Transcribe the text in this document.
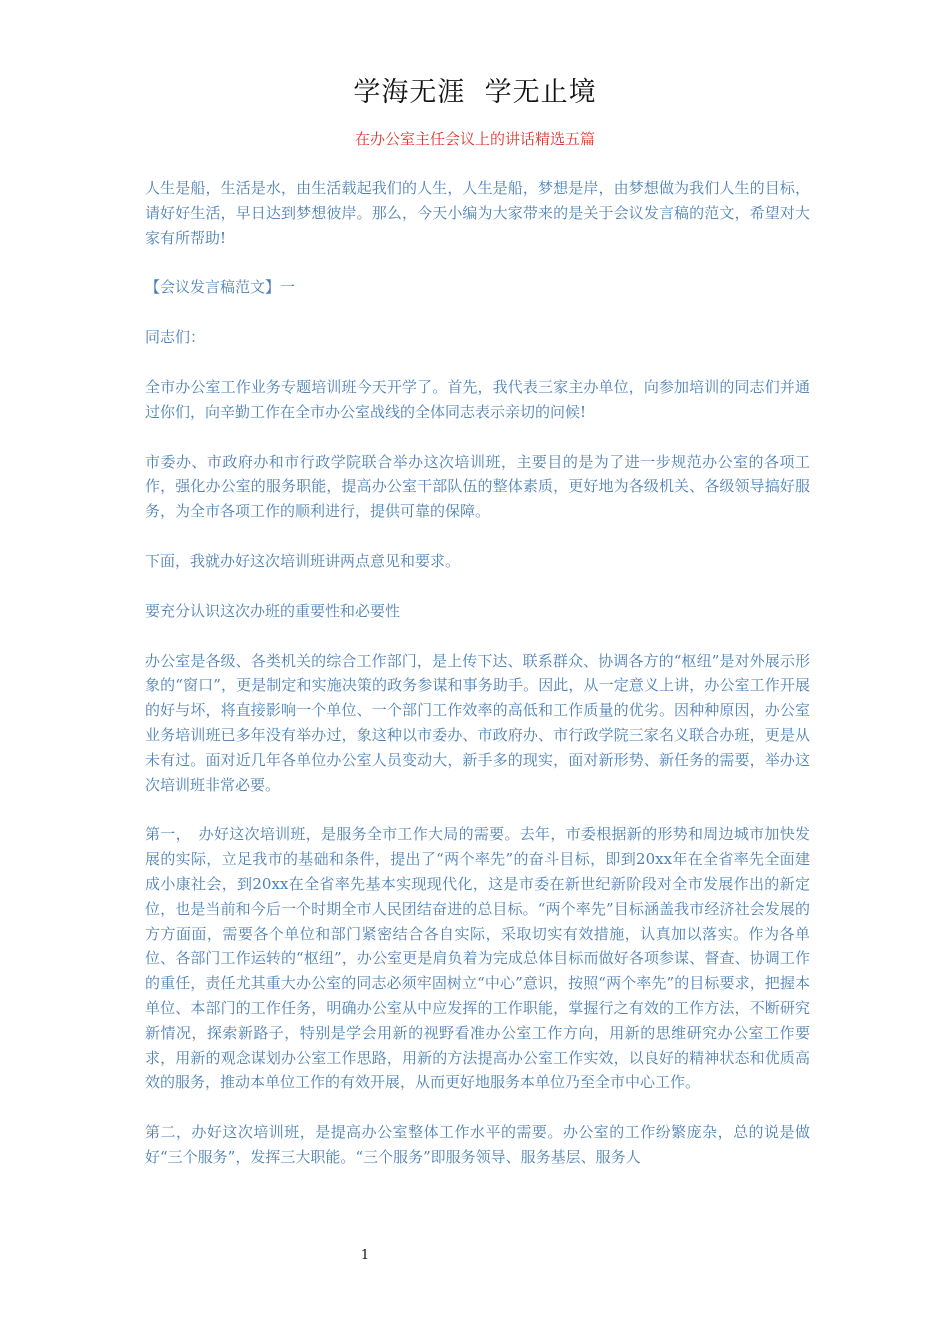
学海无涯  学无止境
在办公室主任会议上的讲话精选五篇

人生是船，生活是水，由生活载起我们的人生，人生是船，梦想是岸，由梦想做为我们人生的目标，请好好生活，早日达到梦想彼岸。那么，今天小编为大家带来的是关于会议发言稿的范文，希望对大家有所帮助!

【会议发言稿范文】一

同志们：

全市办公室工作业务专题培训班今天开学了。首先，我代表三家主办单位，向参加培训的同志们并通过你们，向辛勤工作在全市办公室战线的全体同志表示亲切的问候!

市委办、市政府办和市行政学院联合举办这次培训班，主要目的是为了进一步规范办公室的各项工作，强化办公室的服务职能，提高办公室干部队伍的整体素质，更好地为各级机关、各级领导搞好服务，为全市各项工作的顺利进行，提供可靠的保障。

下面，我就办好这次培训班讲两点意见和要求。

要充分认识这次办班的重要性和必要性

办公室是各级、各类机关的综合工作部门，是上传下达、联系群众、协调各方的“枢纽”是对外展示形象的“窗口”，更是制定和实施决策的政务参谋和事务助手。因此，从一定意义上讲，办公室工作开展的好与坏，将直接影响一个单位、一个部门工作效率的高低和工作质量的优劣。因种种原因，办公室业务培训班已多年没有举办过，象这种以市委办、市政府办、市行政学院三家名义联合办班，更是从未有过。面对近几年各单位办公室人员变动大，新手多的现实，面对新形势、新任务的需要，举办这次培训班非常必要。

第一，　办好这次培训班，是服务全市工作大局的需要。去年，市委根据新的形势和周边城市加快发展的实际，立足我市的基础和条件，提出了“两个率先”的奋斗目标，即到20xx年在全省率先全面建成小康社会，到20xx在全省率先基本实现现代化，这是市委在新世纪新阶段对全市发展作出的新定位，也是当前和今后一个时期全市人民团结奋进的总目标。“两个率先”目标涵盖我市经济社会发展的方方面面，需要各个单位和部门紧密结合各自实际，采取切实有效措施，认真加以落实。作为各单位、各部门工作运转的“枢纽”，办公室更是肩负着为完成总体目标而做好各项参谋、督查、协调工作的重任，责任尤其重大办公室的同志必须牢固树立“中心”意识，按照“两个率先”的目标要求，把握本单位、本部门的工作任务，明确办公室从中应发挥的工作职能，掌握行之有效的工作方法，不断研究新情况，探索新路子，特别是学会用新的视野看准办公室工作方向，用新的思维研究办公室工作要求，用新的观念谋划办公室工作思路，用新的方法提高办公室工作实效，以良好的精神状态和优质高效的服务，推动本单位工作的有效开展，从而更好地服务本单位乃至全市中心工作。

第二，办好这次培训班，是提高办公室整体工作水平的需要。办公室的工作纷繁庞杂，总的说是做好“三个服务”，发挥三大职能。“三个服务”即服务领导、服务基层、服务人

1
